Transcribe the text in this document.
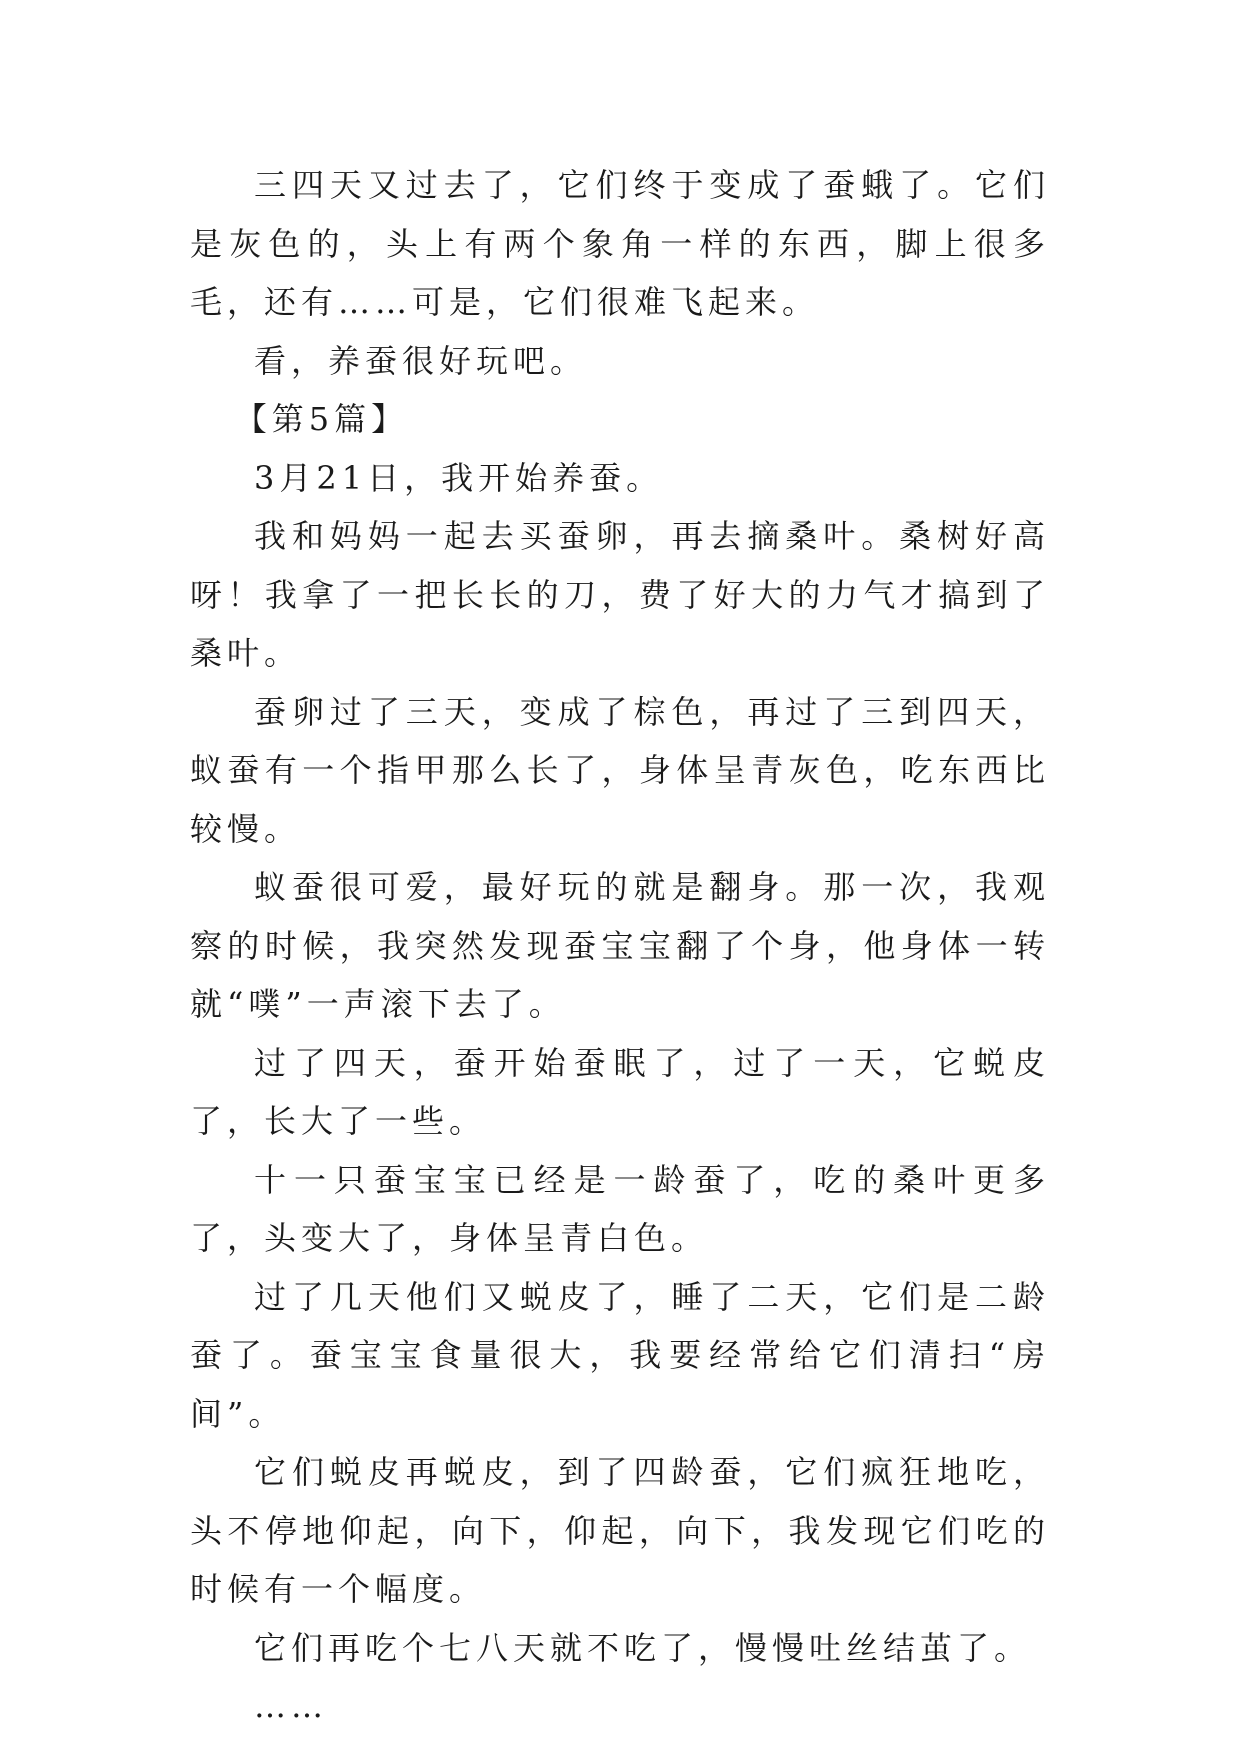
三四天又过去了，它们终于变成了蚕蛾了。它们是灰色的，头上有两个象角一样的东西，脚上很多毛，还有……可是，它们很难飞起来。

看，养蚕很好玩吧。

【第5篇】

3月21日，我开始养蚕。

我和妈妈一起去买蚕卵，再去摘桑叶。桑树好高呀！我拿了一把长长的刀，费了好大的力气才搞到了桑叶。

蚕卵过了三天，变成了棕色，再过了三到四天，蚁蚕有一个指甲那么长了，身体呈青灰色，吃东西比较慢。

蚁蚕很可爱，最好玩的就是翻身。那一次，我观察的时候，我突然发现蚕宝宝翻了个身，他身体一转就“噗”一声滚下去了。

过了四天，蚕开始蚕眠了，过了一天，它蜕皮了，长大了一些。

十一只蚕宝宝已经是一龄蚕了，吃的桑叶更多了，头变大了，身体呈青白色。

过了几天他们又蜕皮了，睡了二天，它们是二龄蚕了。蚕宝宝食量很大，我要经常给它们清扫“房间”。

它们蜕皮再蜕皮，到了四龄蚕，它们疯狂地吃，头不停地仰起，向下，仰起，向下，我发现它们吃的时候有一个幅度。

它们再吃个七八天就不吃了，慢慢吐丝结茧了。

……
